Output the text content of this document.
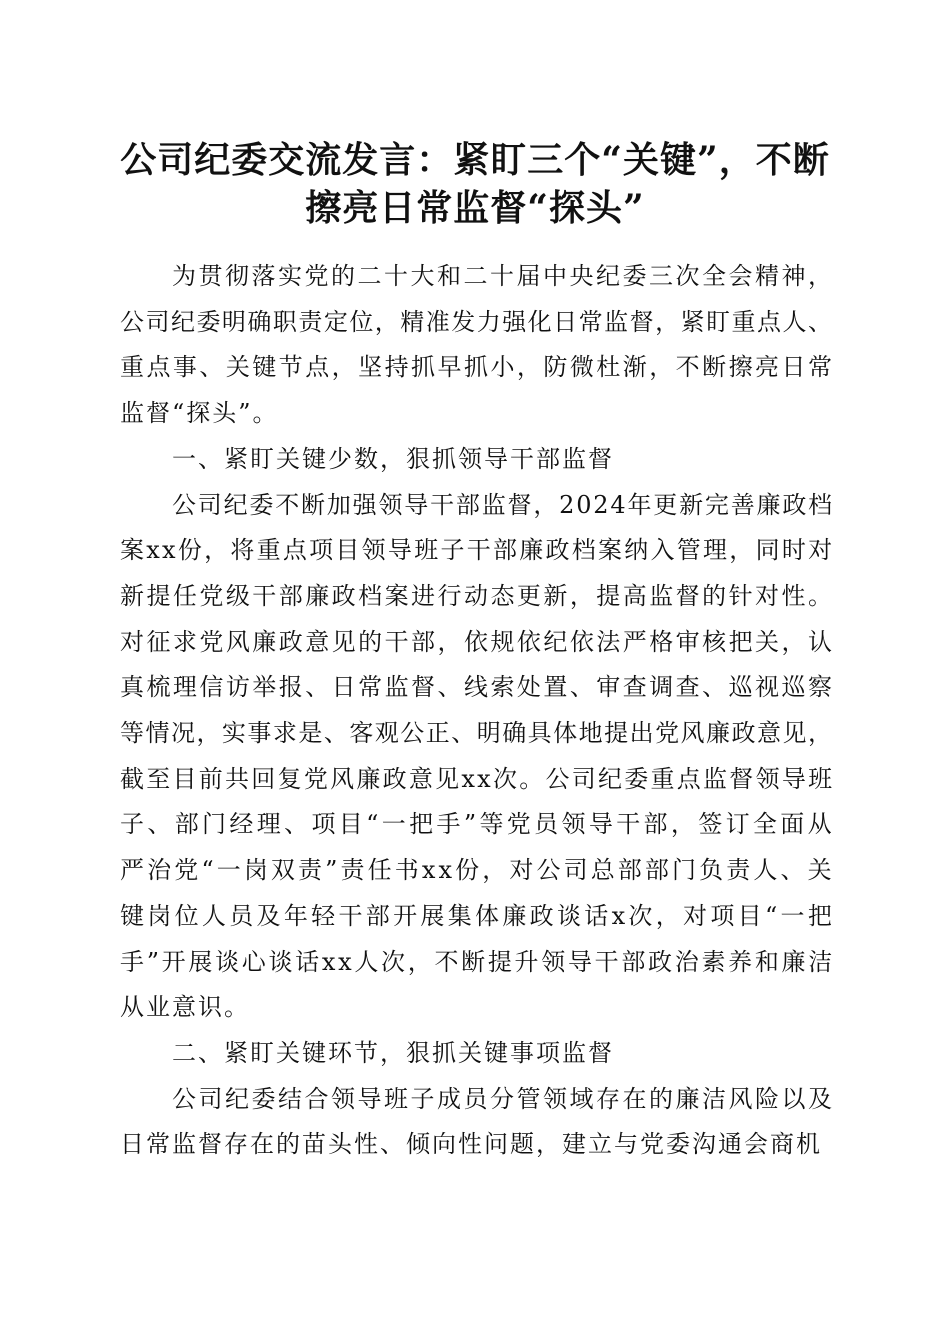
公司纪委交流发言：紧盯三个“关键”，不断
擦亮日常监督“探头”
为贯彻落实党的二十大和二十届中央纪委三次全会精神，
公司纪委明确职责定位，精准发力强化日常监督，紧盯重点人、
重点事、关键节点，坚持抓早抓小，防微杜渐，不断擦亮日常
监督“探头”。
一、紧盯关键少数，狠抓领导干部监督
公司纪委不断加强领导干部监督，2024年更新完善廉政档
案xx份，将重点项目领导班子干部廉政档案纳入管理，同时对
新提任党级干部廉政档案进行动态更新，提高监督的针对性。
对征求党风廉政意见的干部，依规依纪依法严格审核把关，认
真梳理信访举报、日常监督、线索处置、审查调查、巡视巡察
等情况，实事求是、客观公正、明确具体地提出党风廉政意见，
截至目前共回复党风廉政意见xx次。公司纪委重点监督领导班
子、部门经理、项目“一把手”等党员领导干部，签订全面从
严治党“一岗双责”责任书xx份，对公司总部部门负责人、关
键岗位人员及年轻干部开展集体廉政谈话x次，对项目“一把
手”开展谈心谈话xx人次，不断提升领导干部政治素养和廉洁
从业意识。
二、紧盯关键环节，狠抓关键事项监督
公司纪委结合领导班子成员分管领域存在的廉洁风险以及
日常监督存在的苗头性、倾向性问题，建立与党委沟通会商机
